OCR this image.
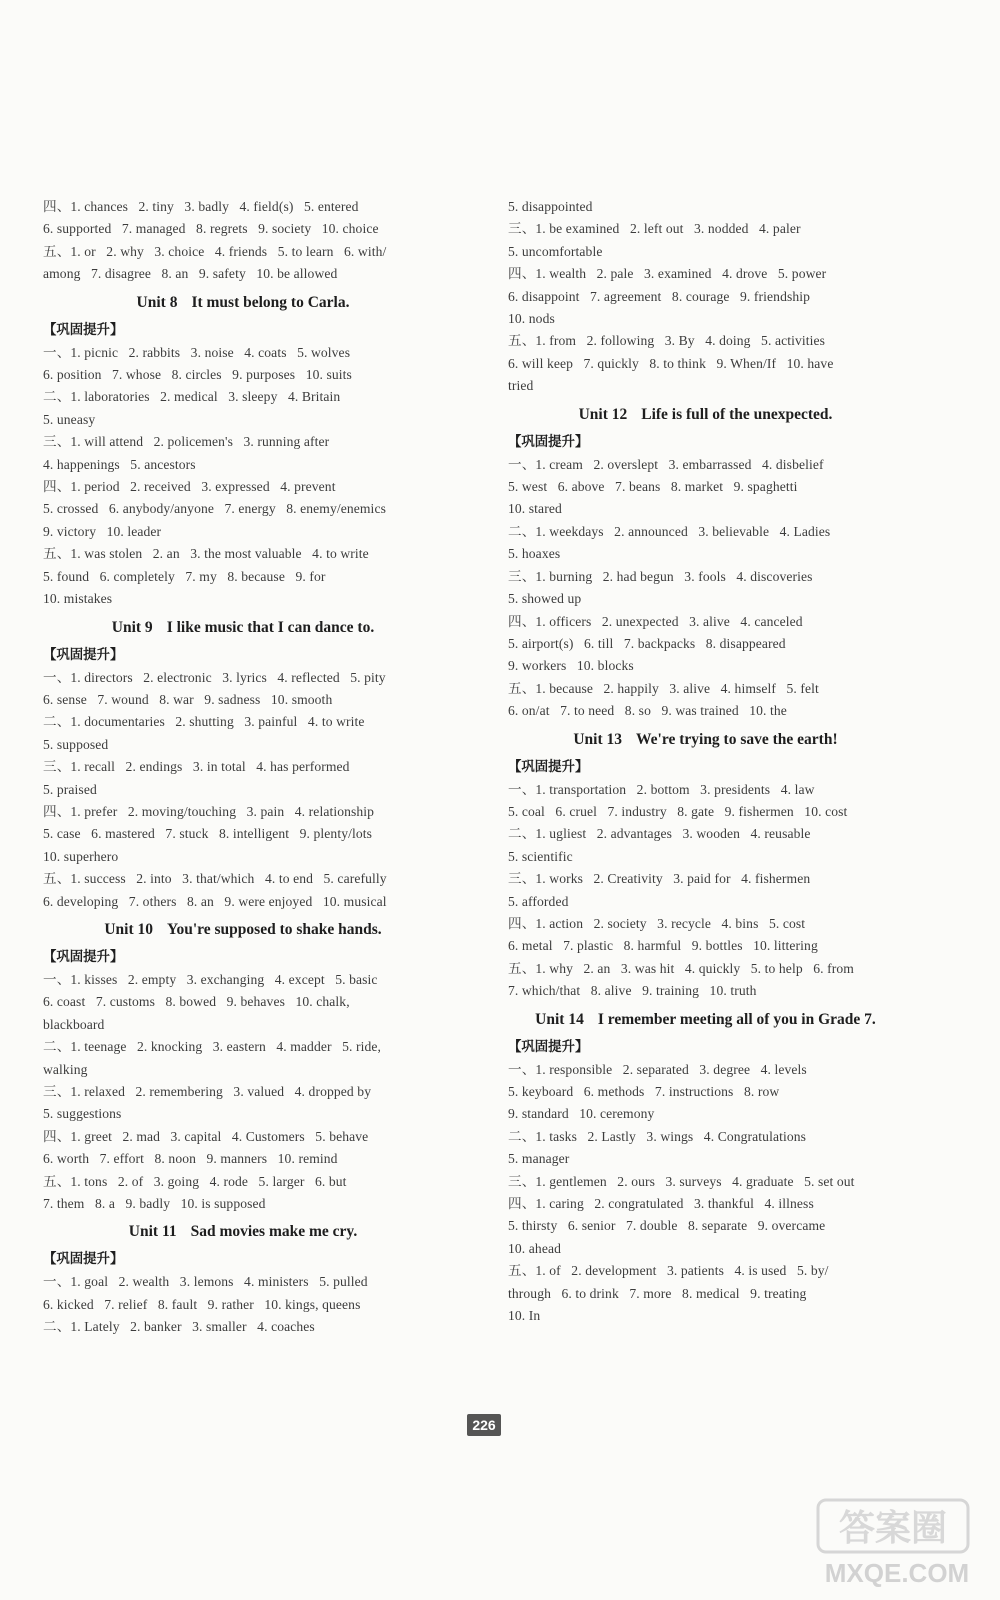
四、1. chances   2. tiny   3. badly   4. field(s)   5. entered
6. supported   7. managed   8. regrets   9. society   10. choice
五、1. or   2. why   3. choice   4. friends   5. to learn   6. with/
among   7. disagree   8. an   9. safety   10. be allowed
Unit 8 It must belong to Carla.
【巩固提升】
一、1. picnic   2. rabbits   3. noise   4. coats   5. wolves
6. position   7. whose   8. circles   9. purposes   10. suits
二、1. laboratories   2. medical   3. sleepy   4. Britain
5. uneasy
三、1. will attend   2. policemen's   3. running after
4. happenings   5. ancestors
四、1. period   2. received   3. expressed   4. prevent
5. crossed   6. anybody/anyone   7. energy   8. enemy/enemics
9. victory   10. leader
五、1. was stolen   2. an   3. the most valuable   4. to write
5. found   6. completely   7. my   8. because   9. for
10. mistakes
Unit 9 I like music that I can dance to.
【巩固提升】
一、1. directors   2. electronic   3. lyrics   4. reflected   5. pity
6. sense   7. wound   8. war   9. sadness   10. smooth
二、1. documentaries   2. shutting   3. painful   4. to write
5. supposed
三、1. recall   2. endings   3. in total   4. has performed
5. praised
四、1. prefer   2. moving/touching   3. pain   4. relationship
5. case   6. mastered   7. stuck   8. intelligent   9. plenty/lots
10. superhero
五、1. success   2. into   3. that/which   4. to end   5. carefully
6. developing   7. others   8. an   9. were enjoyed   10. musical
Unit 10 You're supposed to shake hands.
【巩固提升】
一、1. kisses   2. empty   3. exchanging   4. except   5. basic
6. coast   7. customs   8. bowed   9. behaves   10. chalk,
blackboard
二、1. teenage   2. knocking   3. eastern   4. madder   5. ride,
walking
三、1. relaxed   2. remembering   3. valued   4. dropped by
5. suggestions
四、1. greet   2. mad   3. capital   4. Customers   5. behave
6. worth   7. effort   8. noon   9. manners   10. remind
五、1. tons   2. of   3. going   4. rode   5. larger   6. but
7. them   8. a   9. badly   10. is supposed
Unit 11 Sad movies make me cry.
【巩固提升】
一、1. goal   2. wealth   3. lemons   4. ministers   5. pulled
6. kicked   7. relief   8. fault   9. rather   10. kings, queens
二、1. Lately   2. banker   3. smaller   4. coaches
5. disappointed
三、1. be examined   2. left out   3. nodded   4. paler
5. uncomfortable
四、1. wealth   2. pale   3. examined   4. drove   5. power
6. disappoint   7. agreement   8. courage   9. friendship
10. nods
五、1. from   2. following   3. By   4. doing   5. activities
6. will keep   7. quickly   8. to think   9. When/If   10. have
tried
Unit 12 Life is full of the unexpected.
【巩固提升】
一、1. cream   2. overslept   3. embarrassed   4. disbelief
5. west   6. above   7. beans   8. market   9. spaghetti
10. stared
二、1. weekdays   2. announced   3. believable   4. Ladies
5. hoaxes
三、1. burning   2. had begun   3. fools   4. discoveries
5. showed up
四、1. officers   2. unexpected   3. alive   4. canceled
5. airport(s)   6. till   7. backpacks   8. disappeared
9. workers   10. blocks
五、1. because   2. happily   3. alive   4. himself   5. felt
6. on/at   7. to need   8. so   9. was trained   10. the
Unit 13 We're trying to save the earth!
【巩固提升】
一、1. transportation   2. bottom   3. presidents   4. law
5. coal   6. cruel   7. industry   8. gate   9. fishermen   10. cost
二、1. ugliest   2. advantages   3. wooden   4. reusable
5. scientific
三、1. works   2. Creativity   3. paid for   4. fishermen
5. afforded
四、1. action   2. society   3. recycle   4. bins   5. cost
6. metal   7. plastic   8. harmful   9. bottles   10. littering
五、1. why   2. an   3. was hit   4. quickly   5. to help   6. from
7. which/that   8. alive   9. training   10. truth
Unit 14 I remember meeting all of you in Grade 7.
【巩固提升】
一、1. responsible   2. separated   3. degree   4. levels
5. keyboard   6. methods   7. instructions   8. row
9. standard   10. ceremony
二、1. tasks   2. Lastly   3. wings   4. Congratulations
5. manager
三、1. gentlemen   2. ours   3. surveys   4. graduate   5. set out
四、1. caring   2. congratulated   3. thankful   4. illness
5. thirsty   6. senior   7. double   8. separate   9. overcame
10. ahead
五、1. of   2. development   3. patients   4. is used   5. by/
through   6. to drink   7. more   8. medical   9. treating
10. In
226
答案圈
MXQE.COM
